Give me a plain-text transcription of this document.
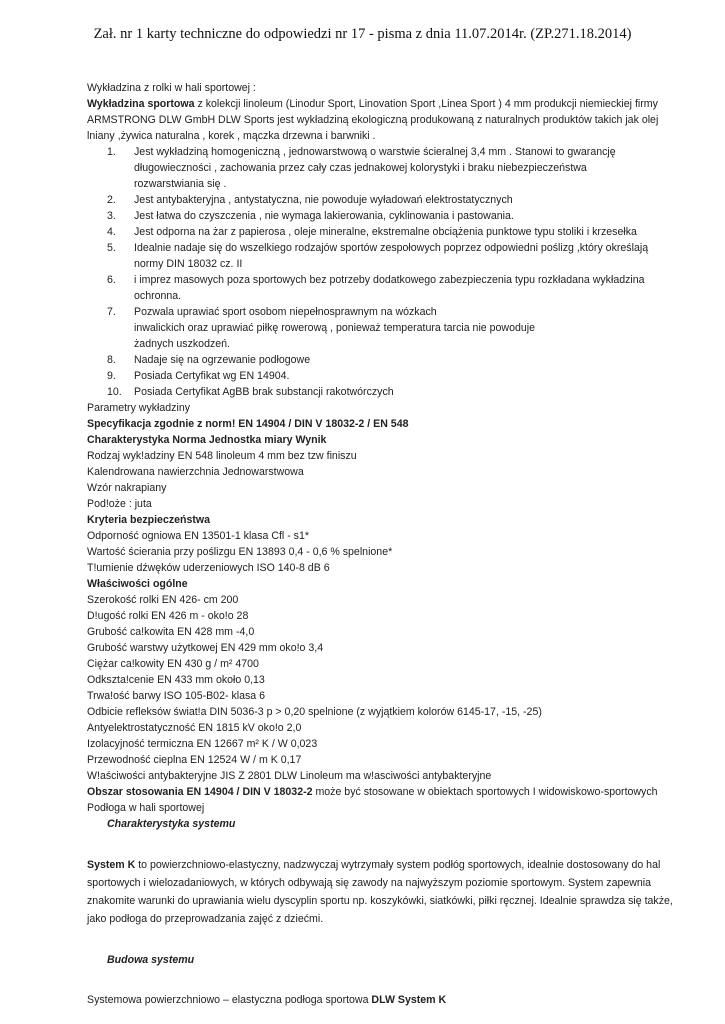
Zał. nr 1 karty techniczne do odpowiedzi nr 17 - pisma z dnia 11.07.2014r. (ZP.271.18.2014)

Wykładzina z rolki w hali sportowej :

Wykładzina sportowa z kolekcji linoleum (Linodur Sport, Linovation Sport ,Linea Sport ) 4 mm produkcji niemieckiej firmy ARMSTRONG DLW GmbH DLW Sports jest wykładziną ekologiczną produkowaną z naturalnych produktów takich jak olej lniany ,żywica naturalna , korek , mączka drzewna i barwniki .

1.	Jest wykładziną homogeniczną , jednowarstwową o warstwie ścieralnej 3,4 mm . Stanowi to gwarancję długowieczności , zachowania przez cały czas jednakowej kolorystyki i braku niebezpieczeństwa rozwarstwiania się .
2.	Jest antybakteryjna , antystatyczna, nie powoduje wyładowań elektrostatycznych
3.	Jest łatwa do czyszczenia , nie wymaga lakierowania, cyklinowania i pastowania.
4.	Jest odporna na żar z papierosa , oleje mineralne, ekstremalne obciążenia punktowe typu stoliki i krzesełka
5.	Idealnie nadaje się do wszelkiego rodzajów sportów zespołowych poprzez odpowiedni poślizg ,który określają normy DIN 18032 cz. II
6.	i imprez masowych poza sportowych bez potrzeby dodatkowego zabezpieczenia typu rozkładana wykładzina ochronna.
7.	Pozwala uprawiać sport osobom niepełnosprawnym na wózkach
inwalickich oraz uprawiać piłkę rowerową , ponieważ temperatura tarcia nie powoduje
żadnych uszkodzeń.
8.	Nadaje się na ogrzewanie podłogowe
9.	Posiada Certyfikat wg EN 14904.
10.	Posiada Certyfikat AgBB brak substancji rakotwórczych

Parametry wykładziny

Specyfikacja zgodnie z norm! EN 14904 / DIN V 18032-2 / EN 548

Charakterystyka Norma Jednostka miary Wynik

Rodzaj wyk!adziny EN 548 linoleum 4 mm bez tzw finiszu

Kalendrowana nawierzchnia Jednowarstwowa

Wzór nakrapiany

Pod!oże : juta

Kryteria bezpieczeństwa

Odporność ogniowa EN 13501-1 klasa Cfl - s1*

Wartość ścierania przy poślizgu EN 13893 0,4 - 0,6 % spelnione*

T!umienie dźwęków uderzeniowych ISO 140-8 dB 6

Właściwości ogólne

Szerokość rolki EN 426- cm 200

D!ugość rolki EN 426 m - oko!o 28

Grubość ca!kowita EN 428 mm -4,0

Grubość warstwy użytkowej EN 429 mm oko!o 3,4

Ciężar ca!kowity EN 430 g / m² 4700

Odkszta!cenie EN 433 mm około 0,13

Trwa!ość barwy ISO 105-B02- klasa 6

Odbicie refleksów świat!a DIN 5036-3 p > 0,20 spelnione (z wyjątkiem kolorów 6145-17, -15, -25)

Antyelektrostatyczność EN 1815 kV oko!o 2,0

Izolacyjność termiczna EN 12667 m² K / W 0,023

Przewodność cieplna EN 12524 W / m K 0,17

W!aściwości antybakteryjne JIS Z 2801 DLW Linoleum ma w!asciwości antybakteryjne

Obszar stosowania EN 14904 / DIN V 18032-2 może być stosowane w obiektach sportowych I widowiskowo-sportowych

Podłoga w hali sportowej

Charakterystyka systemu

System K to powierzchniowo-elastyczny, nadzwyczaj wytrzymały system podłóg sportowych, idealnie dostosowany do hal sportowych i wielozadaniowych, w których odbywają się zawody na najwyższym poziomie sportowym. System zapewnia znakomite warunki do uprawiania wielu dyscyplin sportu np. koszykówki, siatkówki, piłki ręcznej. Idealnie sprawdza się także, jako podłoga do przeprowadzania zajęć z dziećmi.

Budowa systemu

Systemowa powierzchniowo – elastyczna podłoga sportowa DLW System K
